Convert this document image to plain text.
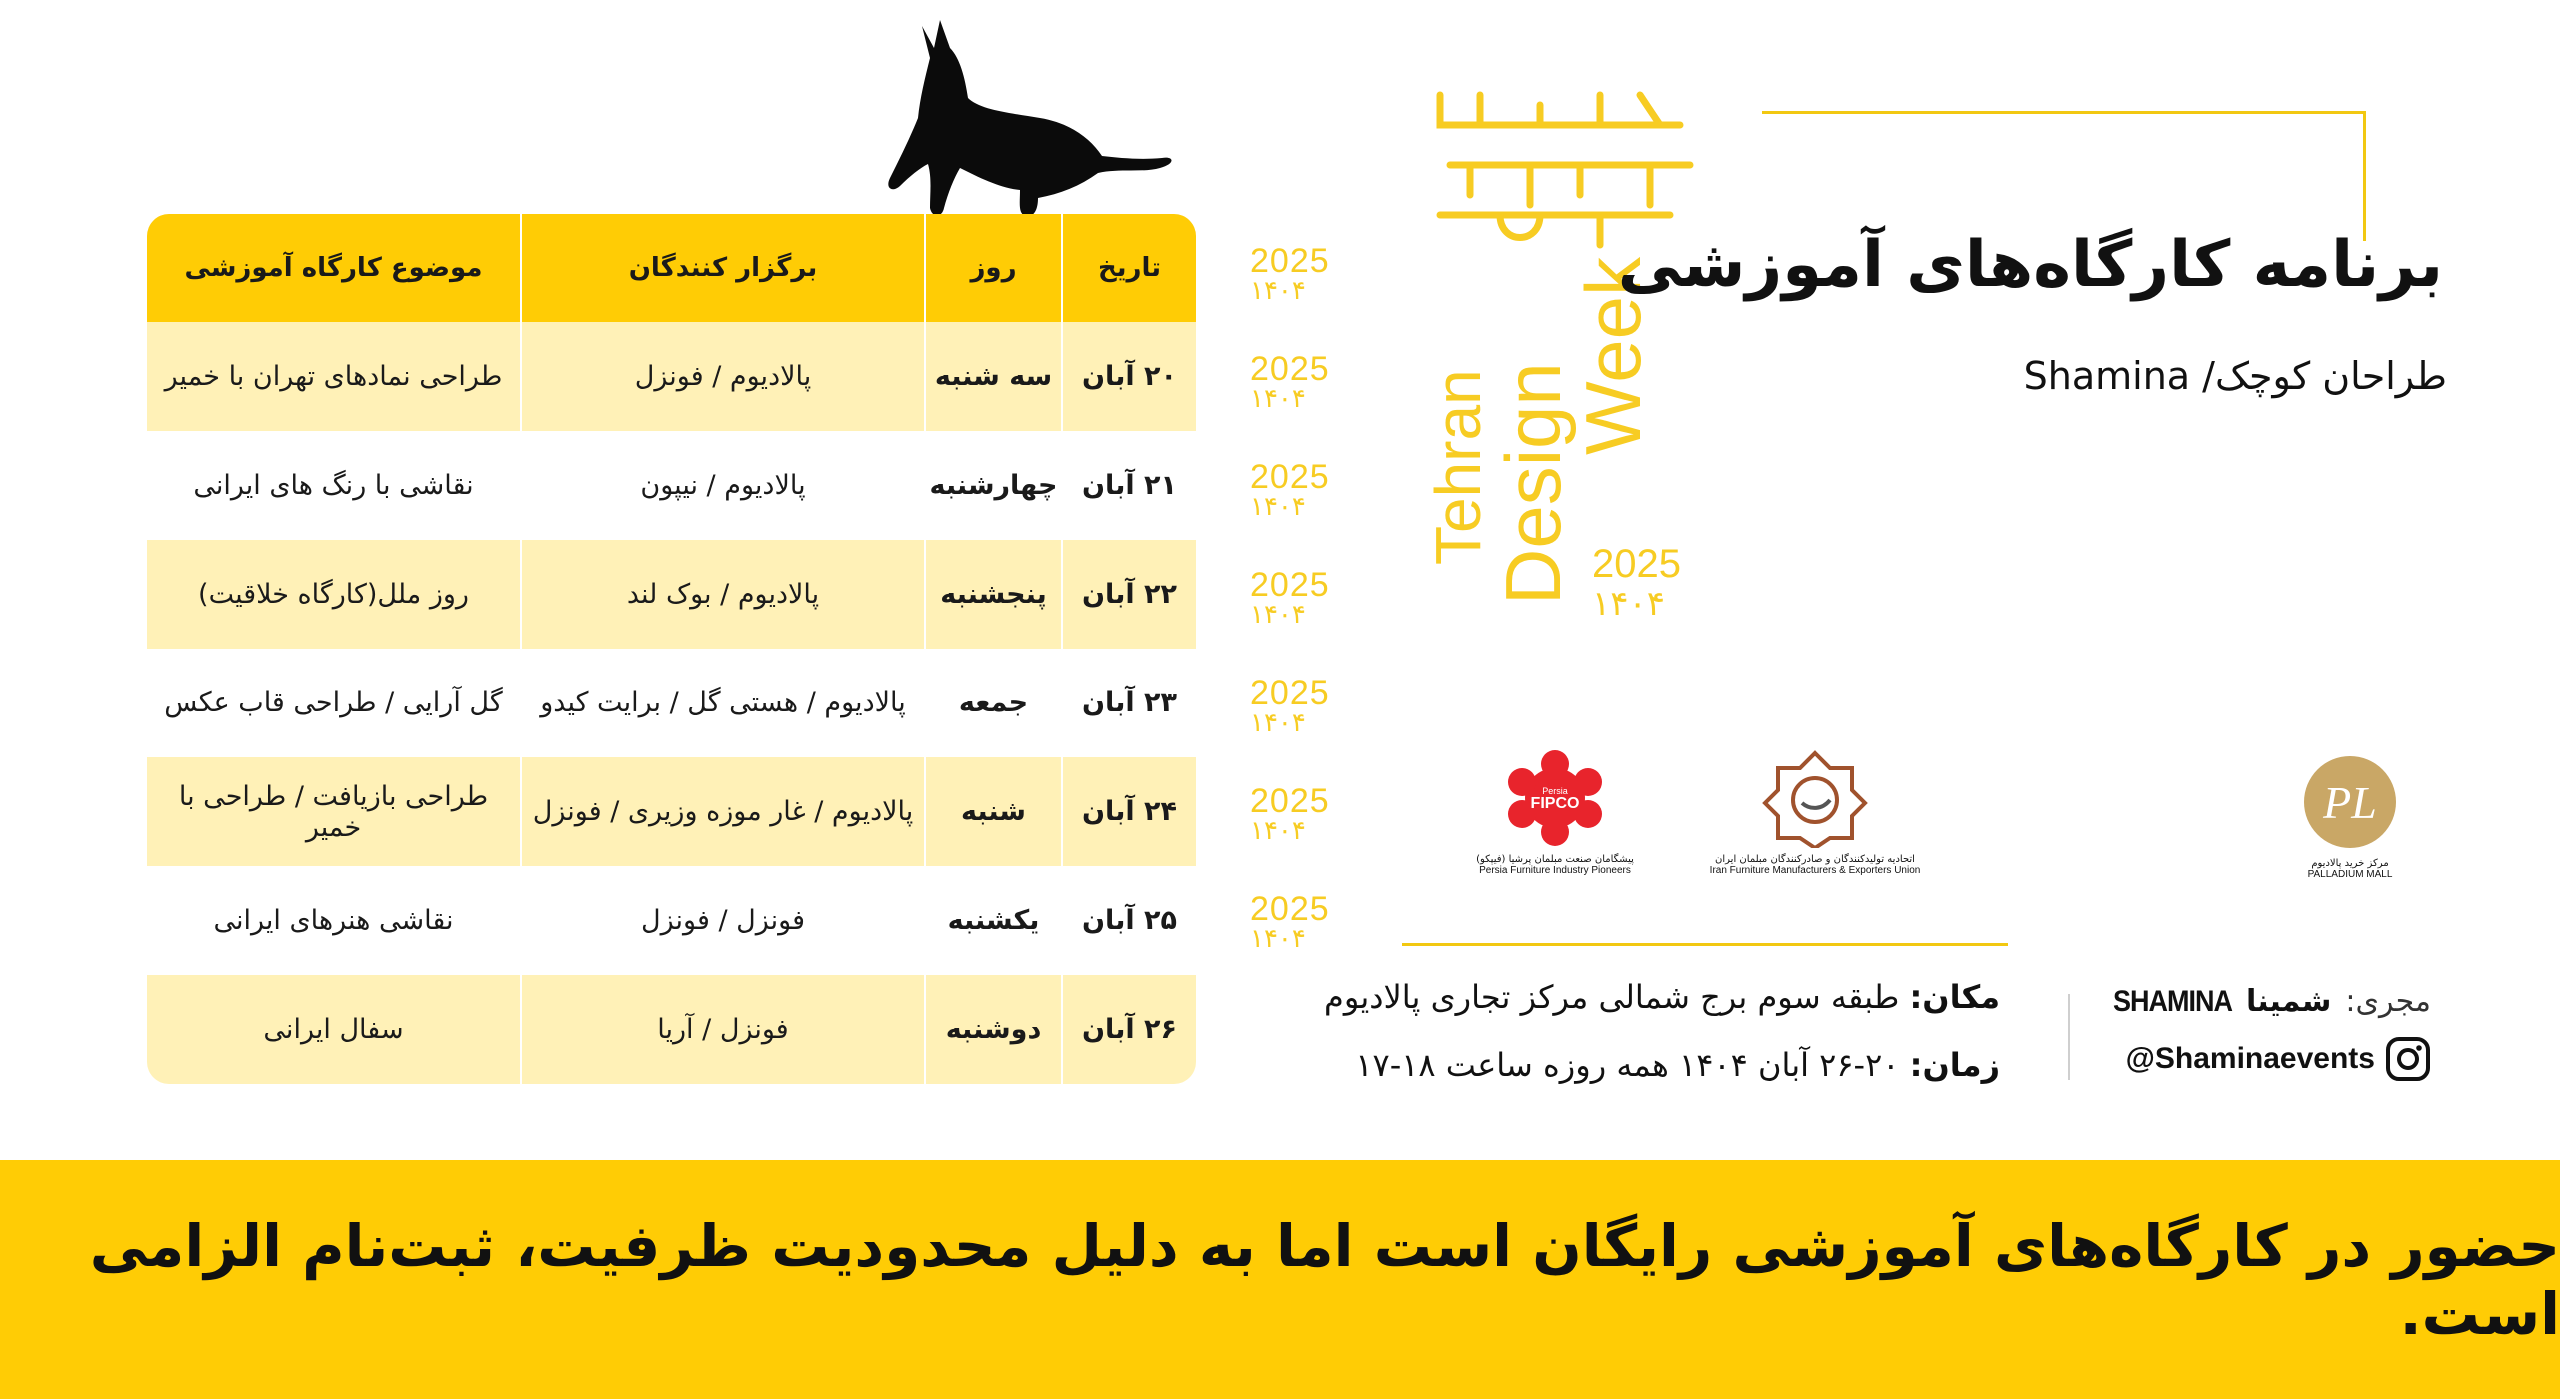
تاریخ	روز	برگزار کنندگان	موضوع کارگاه آموزشی
۲۰ آبان	سه شنبه	پالادیوم / فونزل	طراحی نمادهای تهران با خمیر
۲۱ آبان	چهارشنبه	پالادیوم / نیپون	نقاشی با رنگ های ایرانی
۲۲ آبان	پنجشنبه	پالادیوم / بوک لند	روز ملل(کارگاه خلاقیت)
۲۳ آبان	جمعه	پالادیوم / هستی گل / برایت کیدو	گل آرایی / طراحی قاب عکس
۲۴ آبان	شنبه	پالادیوم / غار موزه وزیری / فونزل	طراحی بازیافت / طراحی با خمیر
۲۵ آبان	یکشنبه	فونزل / فونزل	نقاشی هنرهای ایرانی
۲۶ آبان	دوشنبه	فونزل / آریا	سفال ایرانی
2025
۱۴۰۴
2025
۱۴۰۴
2025
۱۴۰۴
2025
۱۴۰۴
2025
۱۴۰۴
2025
۱۴۰۴
2025
۱۴۰۴
Tehran
Design
Week
2025
۱۴۰۴
برنامه کارگاه‌های آموزشی
طراحان کوچک/ Shamina
Persia
FIPCO
پیشگامان صنعت مبلمان پرشیا (فیپکو)
Persia Furniture Industry Pioneers
اتحادیه تولیدکنندگان و صادرکنندگان مبلمان ایران
Iran Furniture Manufacturers & Exporters Union
PL
مرکز خرید پالادیوم
PALLADIUM MALL
مکان: طبقه سوم برج شمالی مرکز تجاری پالادیوم
زمان: ۲۰-۲۶ آبان ۱۴۰۴ همه روزه ساعت ۱۸-۱۷
مجری:
شمینا
SHAMINA
@Shaminaevents
حضور در کارگاه‌های آموزشی رایگان است اما به دلیل محدودیت ظرفیت، ثبت‌نام الزامی است.
